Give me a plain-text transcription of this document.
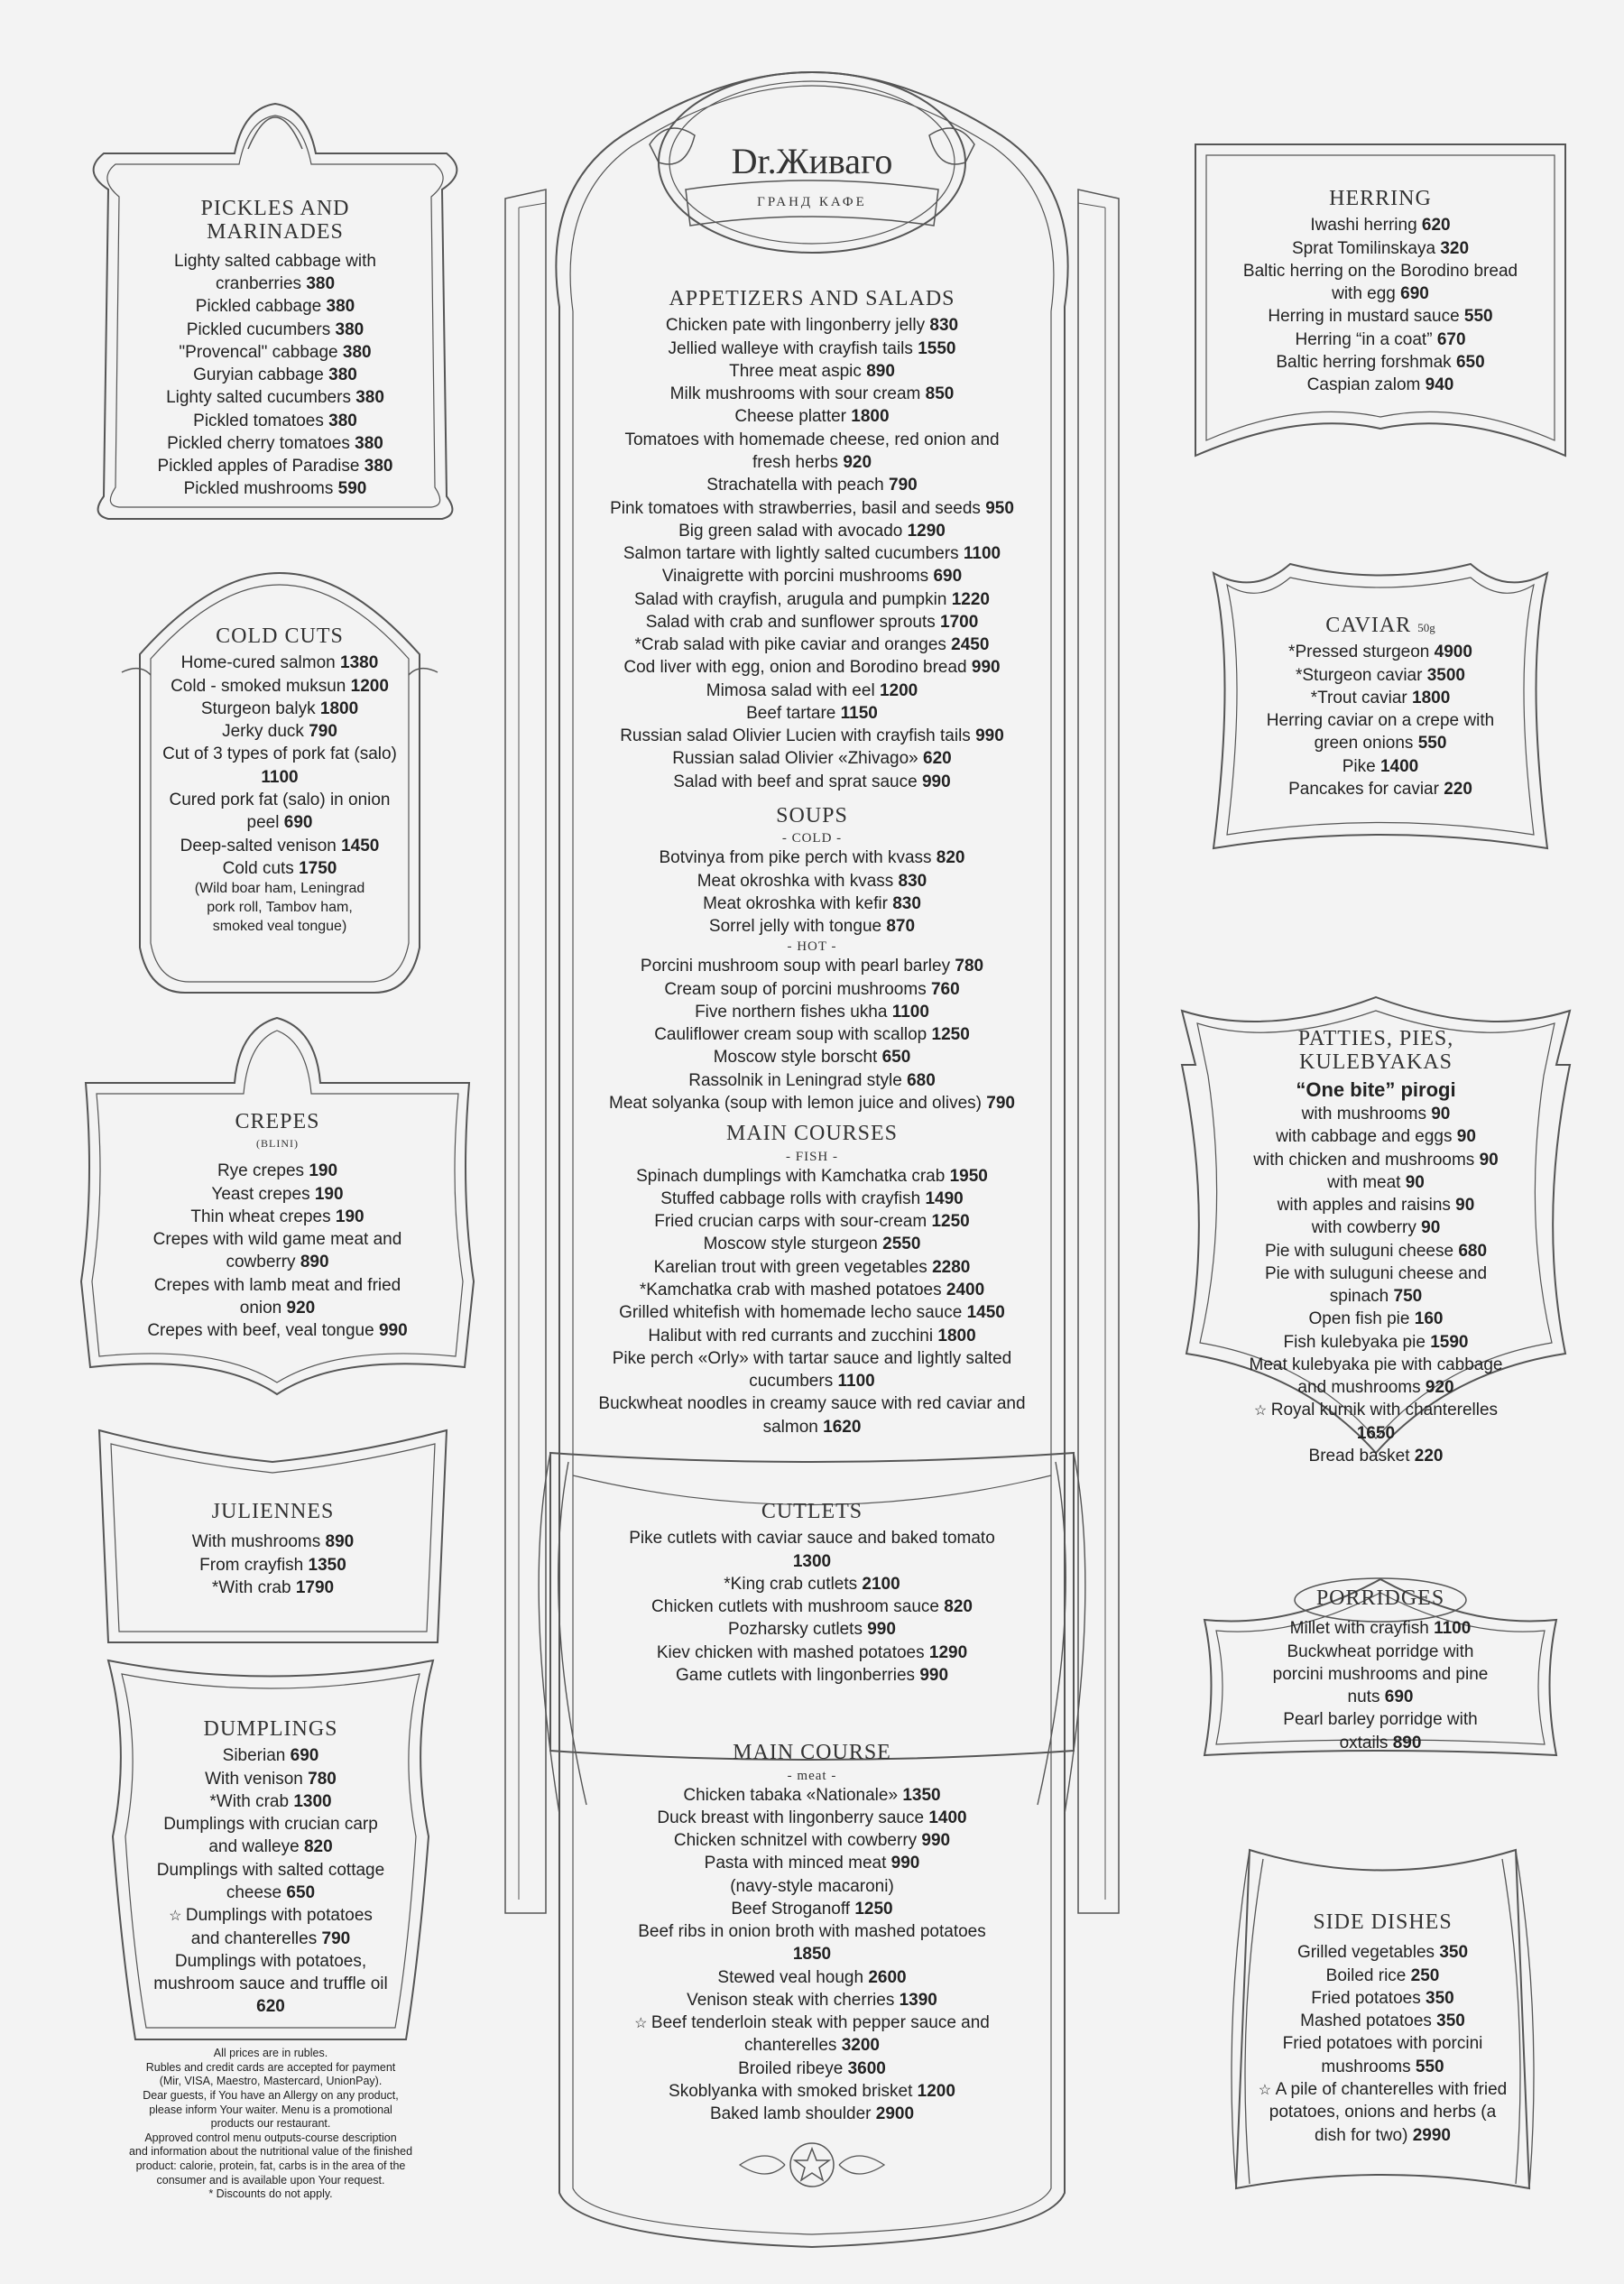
PICKLES AND MARINADES
Lighty salted cabbage with cranberries 380
Pickled cabbage 380
Pickled cucumbers 380
"Provencal" cabbage 380
Guryian cabbage 380
Lighty salted cucumbers 380
Pickled tomatoes 380
Pickled cherry tomatoes 380
Pickled apples of Paradise 380
Pickled mushrooms 590
COLD CUTS
Home-cured salmon 1380
Cold - smoked muksun 1200
Sturgeon balyk 1800
Jerky duck 790
Cut of 3 types of pork fat (salo) 1100
Cured pork fat (salo) in onion peel 690
Deep-salted venison 1450
Cold cuts 1750
(Wild boar ham, Leningrad pork roll, Tambov ham, smoked veal tongue)
CREPES
(BLINI)
Rye crepes 190
Yeast crepes 190
Thin wheat crepes 190
Crepes with wild game meat and cowberry 890
Crepes with lamb meat and fried onion 920
Crepes with beef, veal tongue 990
JULIENNES
With mushrooms 890
From crayfish 1350
*With crab 1790
DUMPLINGS
Siberian 690
With venison 780
*With crab 1300
Dumplings with crucian carp and walleye 820
Dumplings with salted cottage cheese 650
☆ Dumplings with potatoes and chanterelles 790
Dumplings with potatoes, mushroom sauce and truffle oil 620
All prices are in rubles.
Rubles and credit cards are accepted for payment
(Mir, VISA, Maestro, Mastercard, UnionPay).
Dear guests, if You have an Allergy on any product,
please inform Your waiter. Menu is a promotional
products our restaurant.
Approved control menu outputs-course description
and information about the nutritional value of the finished
product: calorie, protein, fat, carbs is in the area of the
consumer and is available upon Your request.
* Discounts do not apply.
Dr.Живаго
ГРАНД КАФЕ
APPETIZERS AND SALADS
Chicken pate with lingonberry jelly 830
Jellied walleye with crayfish tails 1550
Three meat aspic 890
Milk mushrooms with sour cream 850
Cheese platter 1800
Tomatoes with homemade cheese, red onion and fresh herbs 920
Strachatella with peach 790
Pink tomatoes with strawberries, basil and seeds 950
Big green salad with avocado 1290
Salmon tartare with lightly salted cucumbers 1100
Vinaigrette with porcini mushrooms 690
Salad with crayfish, arugula and pumpkin 1220
Salad with crab and sunflower sprouts 1700
*Crab salad with pike caviar and oranges 2450
Cod liver with egg, onion and Borodino bread 990
Mimosa salad with eel 1200
Beef tartare 1150
Russian salad Olivier Lucien with crayfish tails 990
Russian salad Olivier «Zhivago» 620
Salad with beef and sprat sauce 990
SOUPS
- COLD -
Botvinya from pike perch with kvass 820
Meat okroshka with kvass 830
Meat okroshka with kefir 830
Sorrel jelly with tongue 870
- HOT -
Porcini mushroom soup with pearl barley 780
Cream soup of porcini mushrooms 760
Five northern fishes ukha 1100
Cauliflower cream soup with scallop 1250
Moscow style borscht 650
Rassolnik in Leningrad style 680
Meat solyanka (soup with lemon juice and olives) 790
MAIN COURSES
- FISH -
Spinach dumplings with Kamchatka crab 1950
Stuffed cabbage rolls with crayfish 1490
Fried crucian carps with sour-cream 1250
Moscow style sturgeon 2550
Karelian trout with green vegetables 2280
*Kamchatka crab with mashed potatoes 2400
Grilled whitefish with homemade lecho sauce 1450
Halibut with red currants and zucchini 1800
Pike perch «Orly» with tartar sauce and lightly salted cucumbers 1100
Buckwheat noodles in creamy sauce with red caviar and salmon 1620
CUTLETS
Pike cutlets with caviar sauce and baked tomato 1300
*King crab cutlets 2100
Chicken cutlets with mushroom sauce 820
Pozharsky cutlets 990
Kiev chicken with mashed potatoes 1290
Game cutlets with lingonberries 990
MAIN COURSE
- meat -
Chicken tabaka «Nationale» 1350
Duck breast with lingonberry sauce 1400
Chicken schnitzel with cowberry 990
Pasta with minced meat 990
(navy-style macaroni)
Beef Stroganoff 1250
Beef ribs in onion broth with mashed potatoes 1850
Stewed veal hough 2600
Venison steak with cherries 1390
☆ Beef tenderloin steak with pepper sauce and chanterelles 3200
Broiled ribeye 3600
Skoblyanka with smoked brisket 1200
Baked lamb shoulder 2900
HERRING
Iwashi herring 620
Sprat Tomilinskaya 320
Baltic herring on the Borodino bread with egg 690
Herring in mustard sauce 550
Herring “in a coat” 670
Baltic herring forshmak 650
Caspian zalom 940
CAVIAR 50g
*Pressed sturgeon 4900
*Sturgeon caviar 3500
*Trout caviar 1800
Herring caviar on a crepe with green onions 550
Pike 1400
Pancakes for caviar 220
PATTIES, PIES, KULEBYAKAS
“One bite” pirogi
with mushrooms 90
with cabbage and eggs 90
with chicken and mushrooms 90
with meat 90
with apples and raisins 90
with cowberry 90
Pie with suluguni cheese 680
Pie with suluguni cheese and spinach 750
Open fish pie 160
Fish kulebyaka pie 1590
Meat kulebyaka pie with cabbage and mushrooms 920
☆ Royal kurnik with chanterelles 1650
Bread basket 220
PORRIDGES
Millet with crayfish 1100
Buckwheat porridge with porcini mushrooms and pine nuts 690
Pearl barley porridge with oxtails 890
SIDE DISHES
Grilled vegetables 350
Boiled rice 250
Fried potatoes 350
Mashed potatoes 350
Fried potatoes with porcini mushrooms 550
☆ A pile of chanterelles with fried potatoes, onions and herbs (a dish for two) 2990
